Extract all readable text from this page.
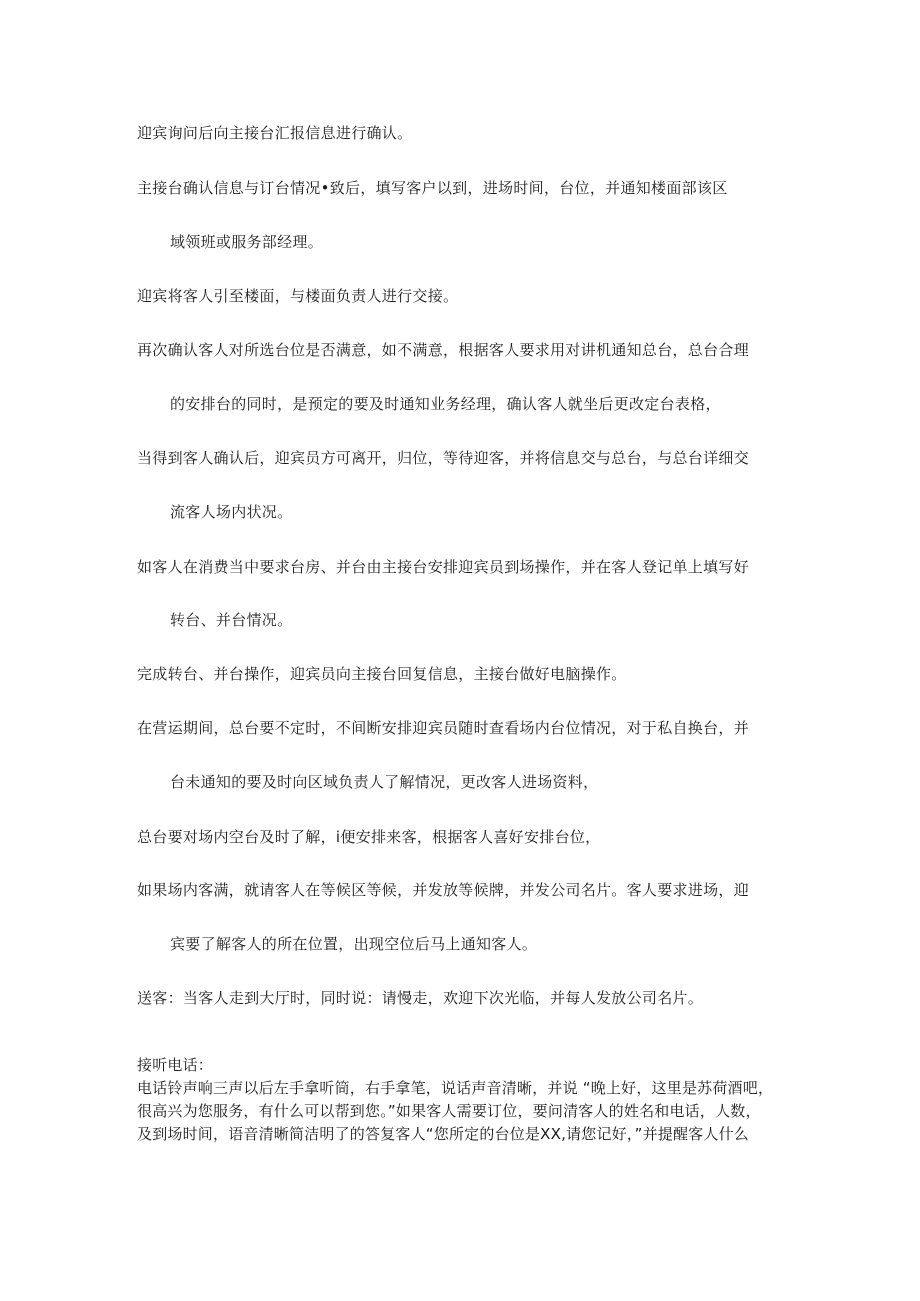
迎宾询问后向主接台汇报信息进行确认。
主接台确认信息与订台情况•致后，填写客户以到，进场时间，台位，并通知楼面部该区
域领班或服务部经理。
迎宾将客人引至楼面，与楼面负责人进行交接。
再次确认客人对所选台位是否满意，如不满意，根据客人要求用对讲机通知总台，总台合理
的安排台的同时，是预定的要及时通知业务经理，确认客人就坐后更改定台表格，
当得到客人确认后，迎宾员方可离开，归位，等待迎客，并将信息交与总台，与总台详细交
流客人场内状况。
如客人在消费当中要求台房、并台由主接台安排迎宾员到场操作，并在客人登记单上填写好
转台、并台情况。
完成转台、并台操作，迎宾员向主接台回复信息，主接台做好电脑操作。
在营运期间，总台要不定时，不间断安排迎宾员随时查看场内台位情况，对于私自换台，并
台未通知的要及时向区域负责人了解情况，更改客人进场资料，
总台要对场内空台及时了解，i便安排来客，根据客人喜好安排台位，
如果场内客满，就请客人在等候区等候，并发放等候牌，并发公司名片。客人要求进场，迎
宾要了解客人的所在位置，出现空位后马上通知客人。
送客：当客人走到大厅时，同时说：请慢走，欢迎下次光临，并每人发放公司名片。

接听电话：

电话铃声响三声以后左手拿听筒，右手拿笔，说话声音清晰，并说 “晚上好，这里是苏荷酒吧，

很高兴为您服务，有什么可以帮到您。”如果客人需要订位，要问清客人的姓名和电话，人数，

及到场时间，语音清晰简洁明了的答复客人“您所定的台位是XX,请您记好，”并提醒客人什么
